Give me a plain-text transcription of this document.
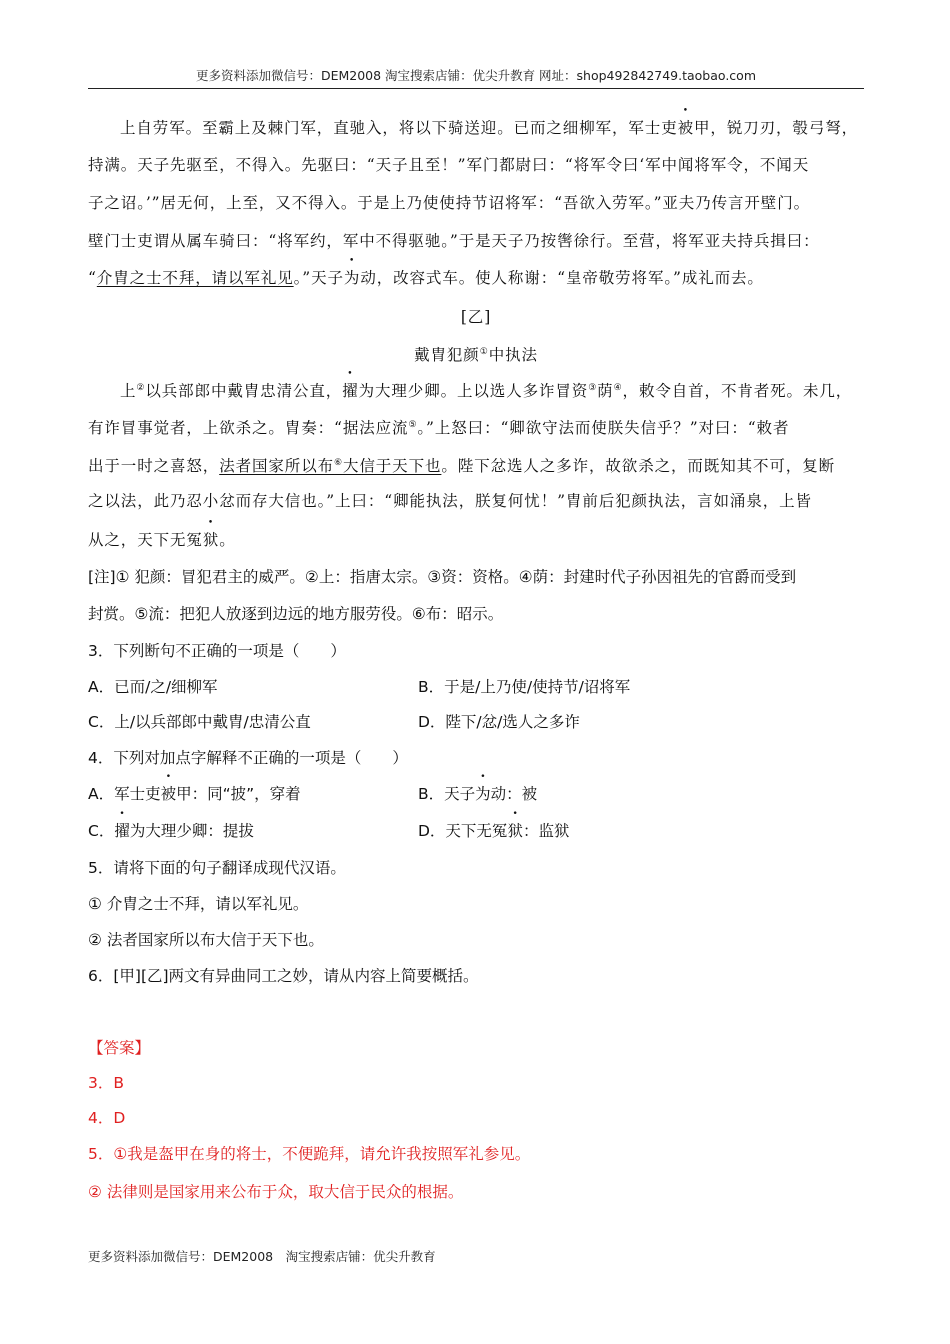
更多资料添加微信号：DEM2008 淘宝搜索店铺：优尖升教育 网址：shop492842749.taobao.com
上自劳军。至霸上及棘门军，直驰入，将以下骑送迎。已而之细柳军，军士吏被甲，锐刀刃，彀弓弩，
持满。天子先驱至，不得入。先驱曰：“天子且至！”军门都尉曰：“将军令曰‘军中闻将军令，不闻天
子之诏。’”居无何，上至，又不得入。于是上乃使使持节诏将军：“吾欲入劳军。”亚夫乃传言开壁门。
壁门士吏谓从属车骑曰：“将军约，军中不得驱驰。”于是天子乃按辔徐行。至营，将军亚夫持兵揖曰：
“介胄之士不拜，请以军礼见。”天子为动，改容式车。使人称谢：“皇帝敬劳将军。”成礼而去。
[乙]
戴胄犯颜①中执法
上②以兵部郎中戴胄忠清公直，擢为大理少卿。上以选人多诈冒资③荫④，敕令自首，不肯者死。未几，
有诈冒事觉者，上欲杀之。胄奏：“据法应流⑤。”上怒曰：“卿欲守法而使朕失信乎？”对曰：“敕者
出于一时之喜怒，法者国家所以布⑥大信于天下也。陛下忿选人之多诈，故欲杀之，而既知其不可，复断
之以法，此乃忍小忿而存大信也。”上曰：“卿能执法，朕复何忧！”胄前后犯颜执法，言如涌泉，上皆
从之，天下无冤狱。
[注]① 犯颜：冒犯君主的威严。②上：指唐太宗。③资：资格。④荫：封建时代子孙因祖先的官爵而受到
封赏。⑤流：把犯人放逐到边远的地方服劳役。⑥布：昭示。
3．下列断句不正确的一项是（　　）
A．已而/之/细柳军	B．于是/上乃使/使持节/诏将军
C．上/以兵部郎中戴胄/忠清公直	D．陛下/忿/选人之多诈
4．下列对加点字解释不正确的一项是（　　）
A．军士吏被甲：同“披”，穿着	B．天子为动：被
C．擢为大理少卿：提拔	D．天下无冤狱：监狱
5．请将下面的句子翻译成现代汉语。
① 介胄之士不拜，请以军礼见。
② 法者国家所以布大信于天下也。
6．[甲][乙]两文有异曲同工之妙，请从内容上简要概括。
【答案】
3．B
4．D
5．①我是盔甲在身的将士，不便跪拜，请允许我按照军礼参见。
② 法律则是国家用来公布于众，取大信于民众的根据。
更多资料添加微信号：DEM2008　淘宝搜索店铺：优尖升教育
